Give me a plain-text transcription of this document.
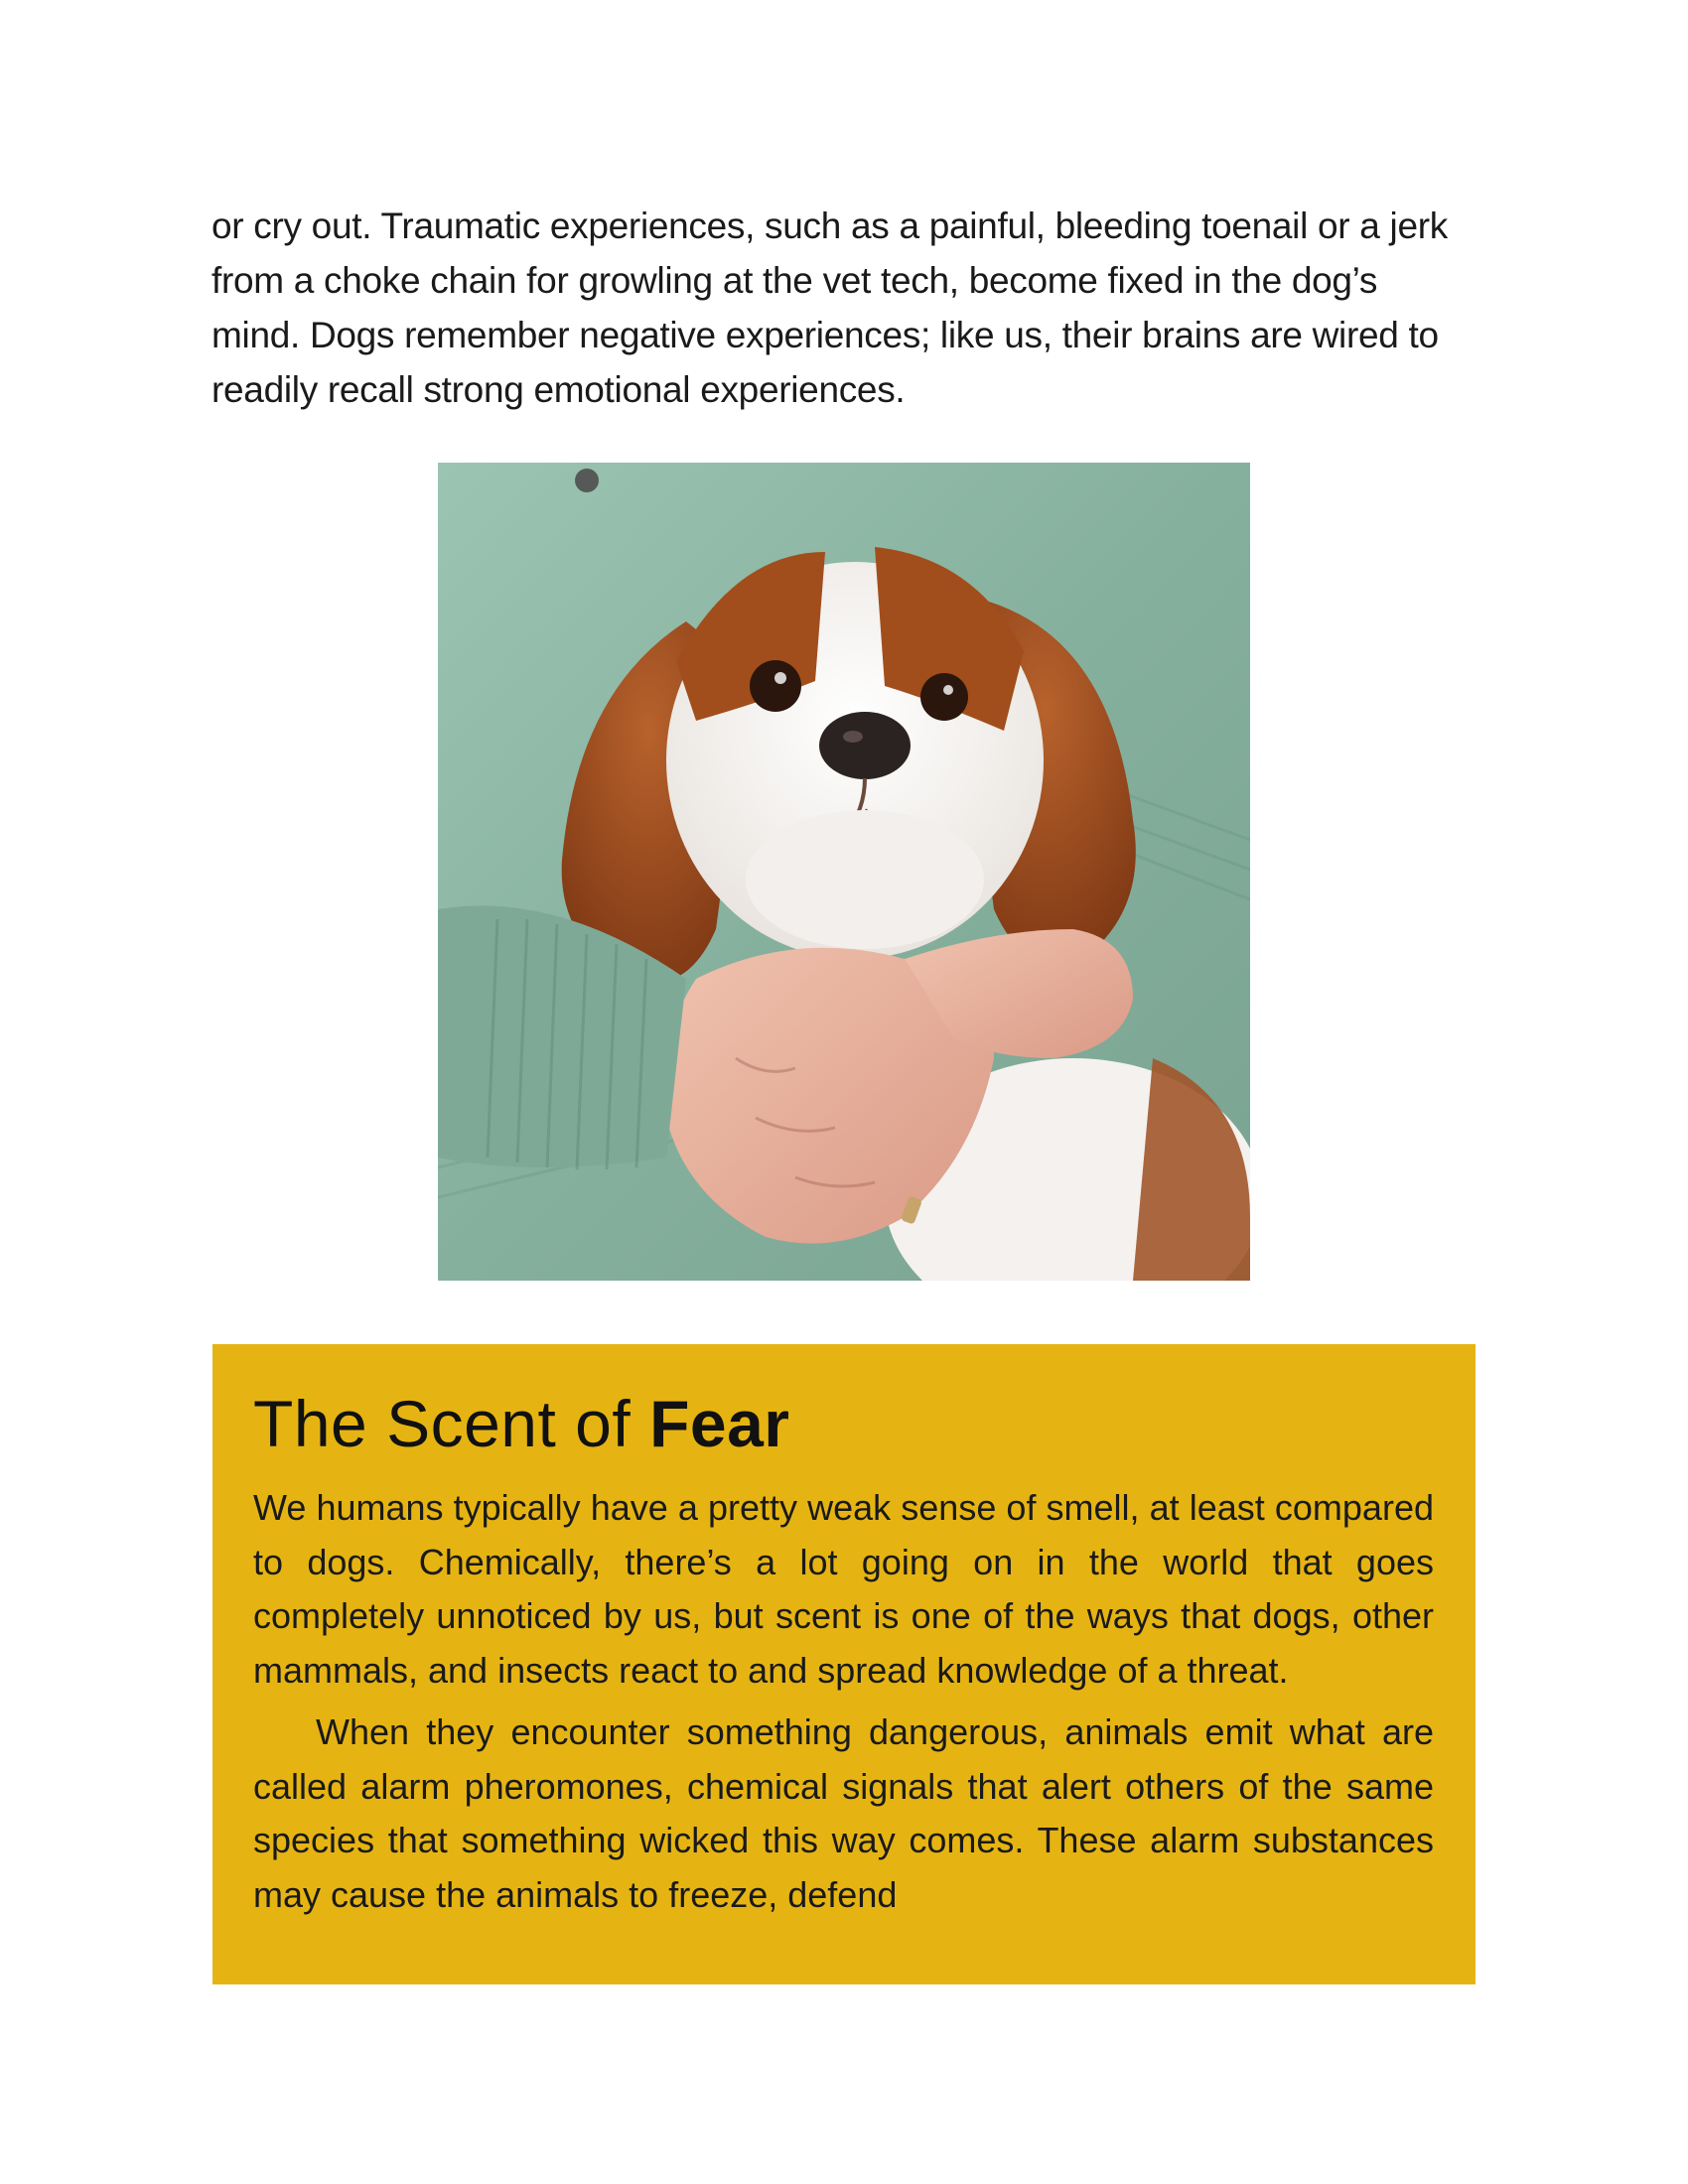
or cry out. Traumatic experiences, such as a painful, bleeding toenail or a jerk from a choke chain for growling at the vet tech, become fixed in the dog’s mind. Dogs remember negative experiences; like us, their brains are wired to readily recall strong emotional experiences.

The Scent of Fear

We humans typically have a pretty weak sense of smell, at least compared to dogs. Chemically, there’s a lot going on in the world that goes completely unnoticed by us, but scent is one of the ways that dogs, other mammals, and insects react to and spread knowledge of a threat.

When they encounter something dangerous, animals emit what are called alarm pheromones, chemical signals that alert others of the same species that something wicked this way comes. These alarm substances may cause the animals to freeze, defend
